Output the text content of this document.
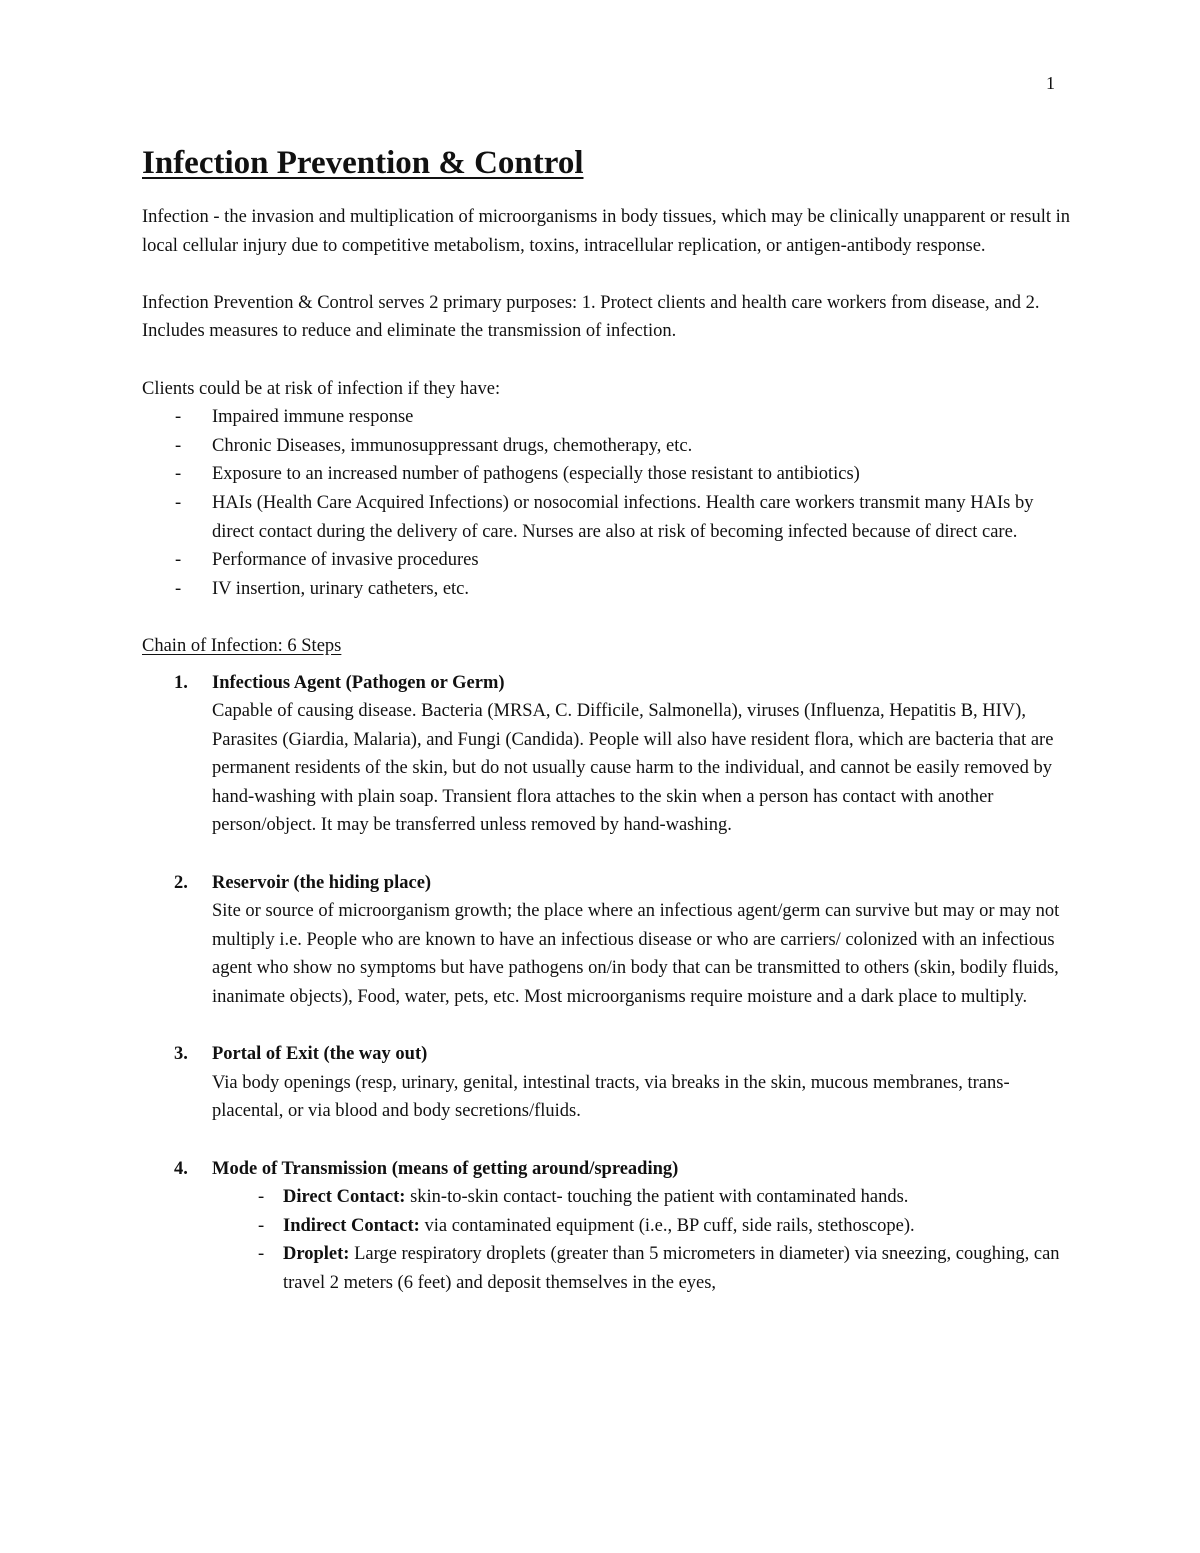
1
Infection Prevention & Control

Infection - the invasion and multiplication of microorganisms in body tissues, which may be clinically unapparent or result in local cellular injury due to competitive metabolism, toxins, intracellular replication, or antigen-antibody response.

Infection Prevention & Control serves 2 primary purposes: 1. Protect clients and health care workers from disease, and 2. Includes measures to reduce and eliminate the transmission of infection.

Clients could be at risk of infection if they have:

- Impaired immune response
- Chronic Diseases, immunosuppressant drugs, chemotherapy, etc.
- Exposure to an increased number of pathogens (especially those resistant to antibiotics)
- HAIs (Health Care Acquired Infections) or nosocomial infections. Health care workers transmit many HAIs by direct contact during the delivery of care. Nurses are also at risk of becoming infected because of direct care.
- Performance of invasive procedures
- IV insertion, urinary catheters, etc.

Chain of Infection: 6 Steps

1. Infectious Agent (Pathogen or Germ)
Capable of causing disease. Bacteria (MRSA, C. Difficile, Salmonella), viruses (Influenza, Hepatitis B, HIV), Parasites (Giardia, Malaria), and Fungi (Candida). People will also have resident flora, which are bacteria that are permanent residents of the skin, but do not usually cause harm to the individual, and cannot be easily removed by hand-washing with plain soap. Transient flora attaches to the skin when a person has contact with another person/object. It may be transferred unless removed by hand-washing.
2. Reservoir (the hiding place)
Site or source of microorganism growth; the place where an infectious agent/germ can survive but may or may not multiply i.e. People who are known to have an infectious disease or who are carriers/ colonized with an infectious agent who show no symptoms but have pathogens on/in body that can be transmitted to others (skin, bodily fluids, inanimate objects), Food, water, pets, etc. Most microorganisms require moisture and a dark place to multiply.
3. Portal of Exit (the way out)
Via body openings (resp, urinary, genital, intestinal tracts, via breaks in the skin, mucous membranes, trans-placental, or via blood and body secretions/fluids.
4. Mode of Transmission (means of getting around/spreading)
- Direct Contact: skin-to-skin contact- touching the patient with contaminated hands.
- Indirect Contact: via contaminated equipment (i.e., BP cuff, side rails, stethoscope).
- Droplet: Large respiratory droplets (greater than 5 micrometers in diameter) via sneezing, coughing, can travel 2 meters (6 feet) and deposit themselves in the eyes,
